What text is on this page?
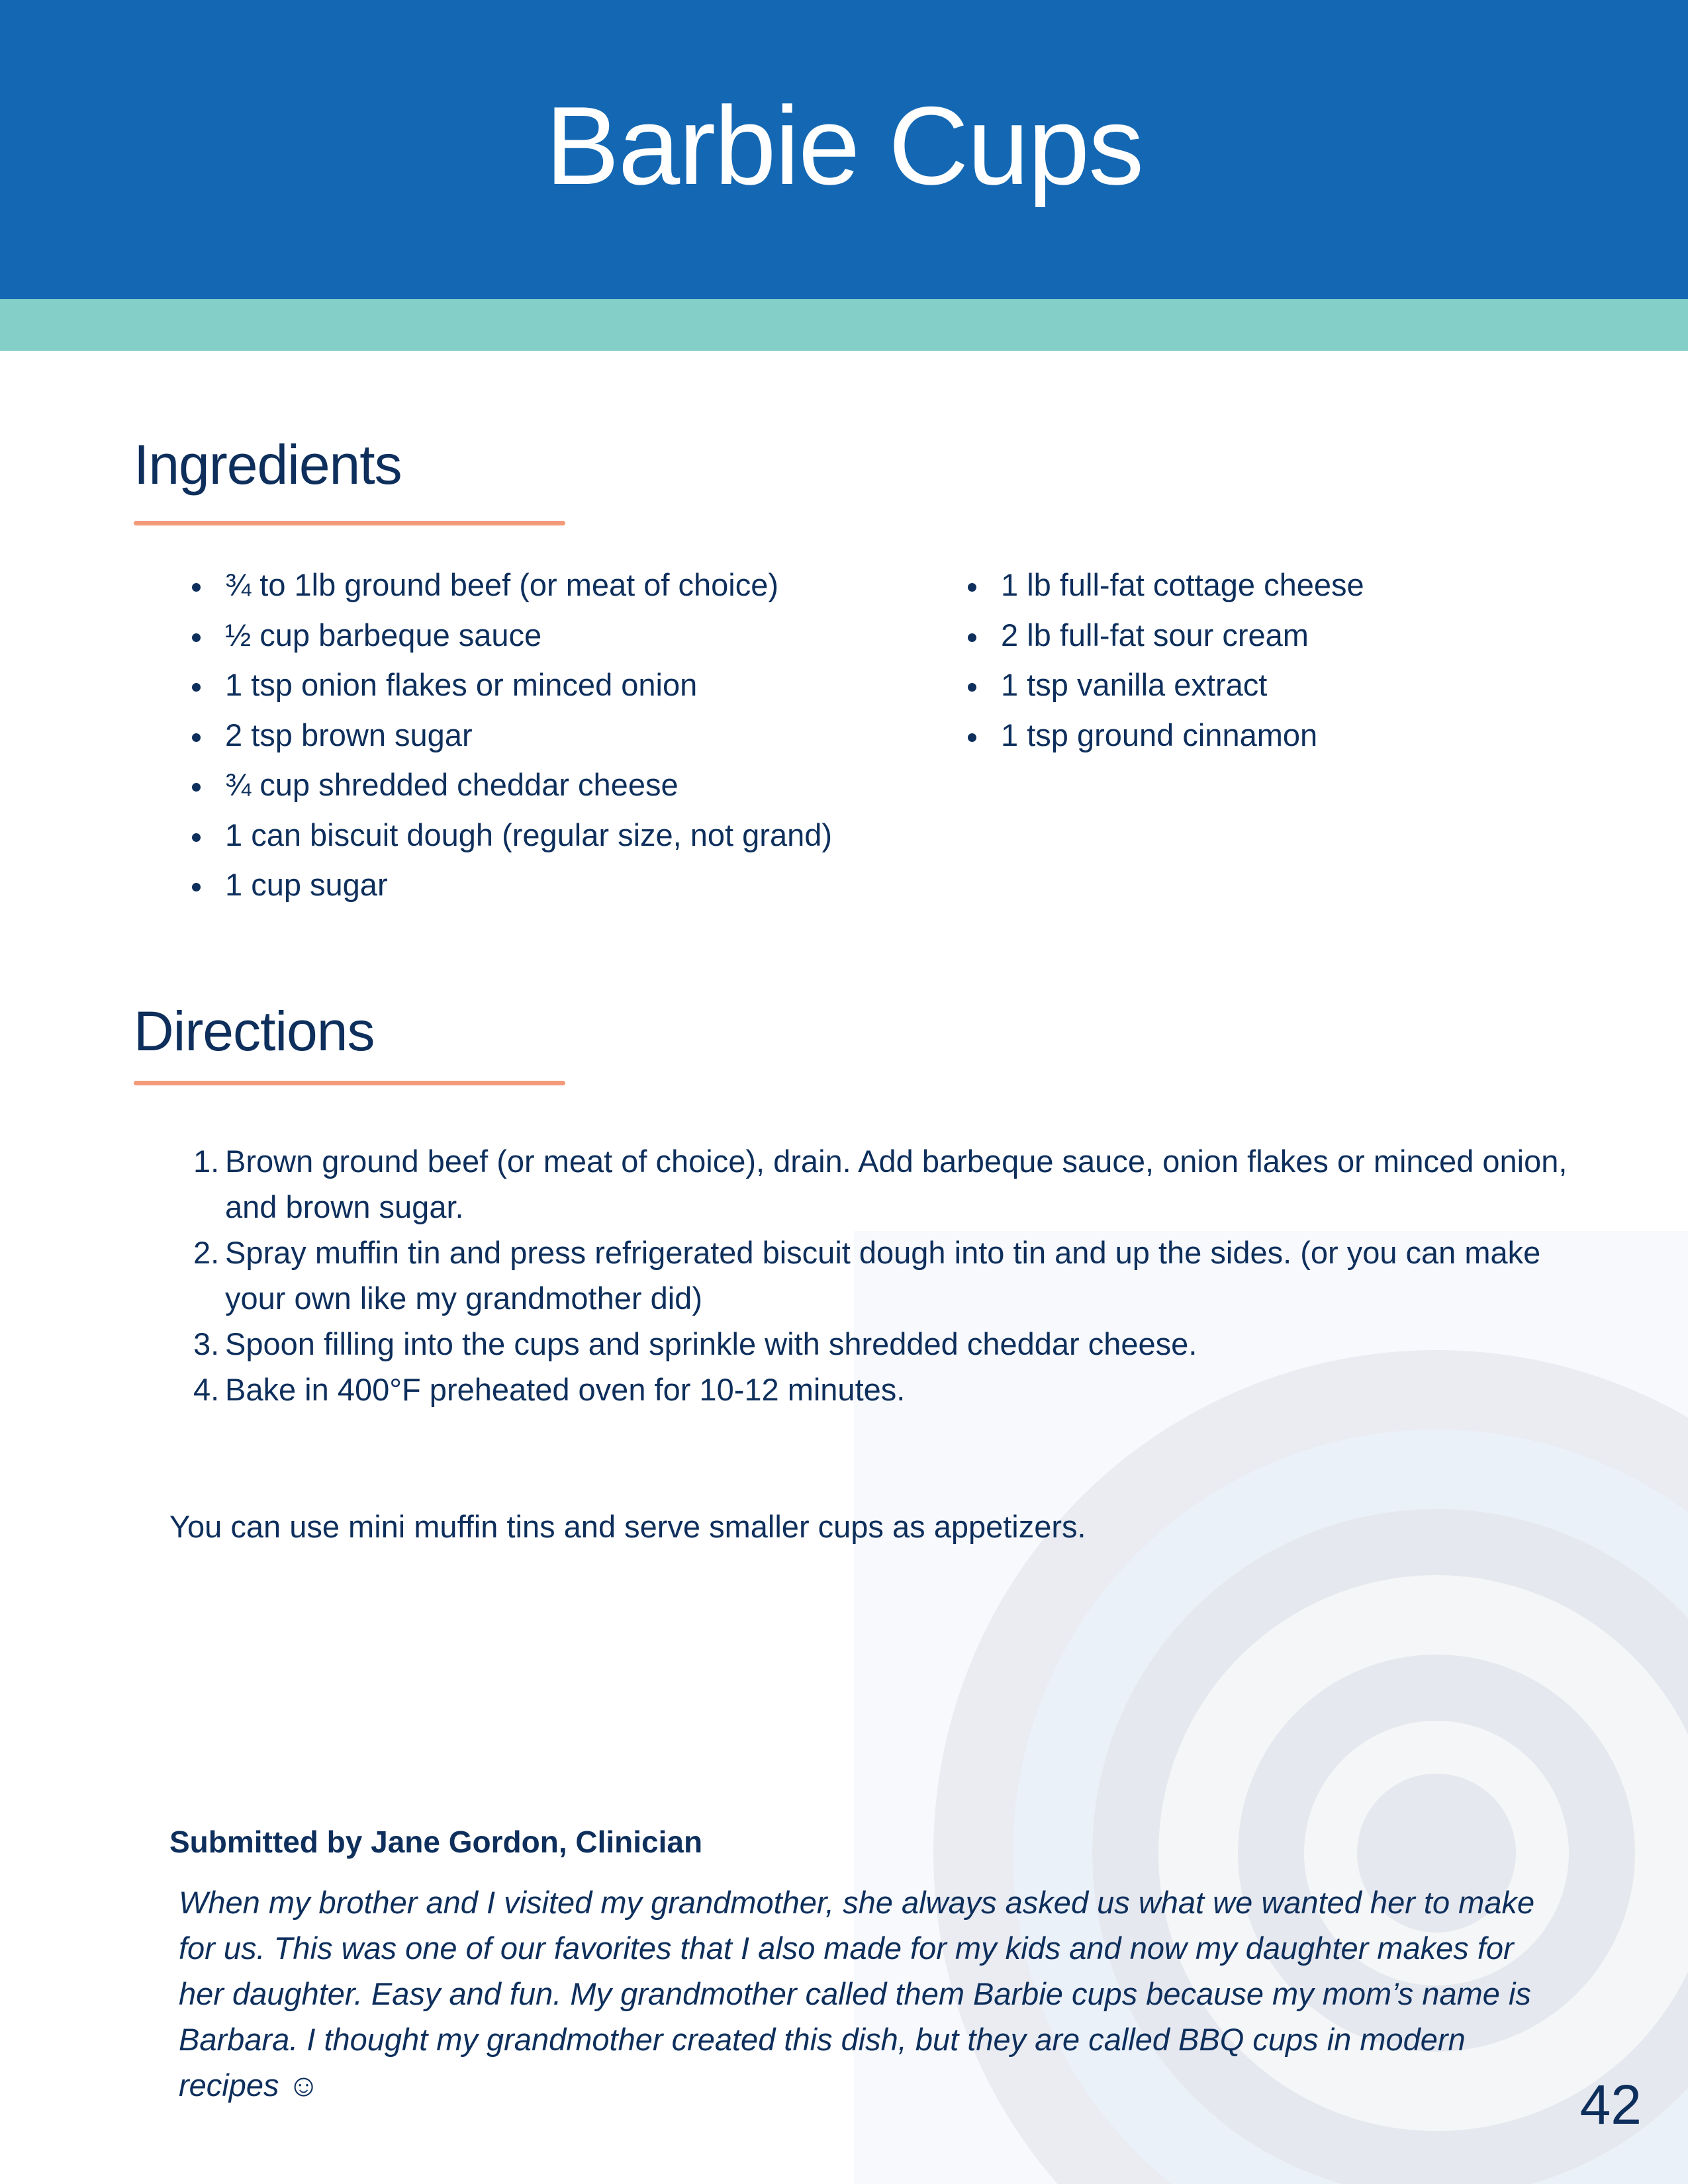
Barbie Cups
Ingredients
¾ to 1lb ground beef (or meat of choice)
½ cup barbeque sauce
1 tsp onion flakes or minced onion
2 tsp brown sugar
¾ cup shredded cheddar cheese
1 can biscuit dough (regular size, not grand)
1 cup sugar
1 lb full-fat cottage cheese
2 lb full-fat sour cream
1 tsp vanilla extract
1 tsp ground cinnamon
Directions
1. Brown ground beef (or meat of choice), drain. Add barbeque sauce, onion flakes or minced onion, and brown sugar.
2. Spray muffin tin and press refrigerated biscuit dough into tin and up the sides. (or you can make your own like my grandmother did)
3. Spoon filling into the cups and sprinkle with shredded cheddar cheese.
4. Bake in 400°F preheated oven for 10-12 minutes.
You can use mini muffin tins and serve smaller cups as appetizers.
Submitted by Jane Gordon, Clinician
When my brother and I visited my grandmother, she always asked us what we wanted her to make for us. This was one of our favorites that I also made for my kids and now my daughter makes for her daughter. Easy and fun. My grandmother called them Barbie cups because my mom’s name is Barbara. I thought my grandmother created this dish, but they are called BBQ cups in modern recipes ☺	42
